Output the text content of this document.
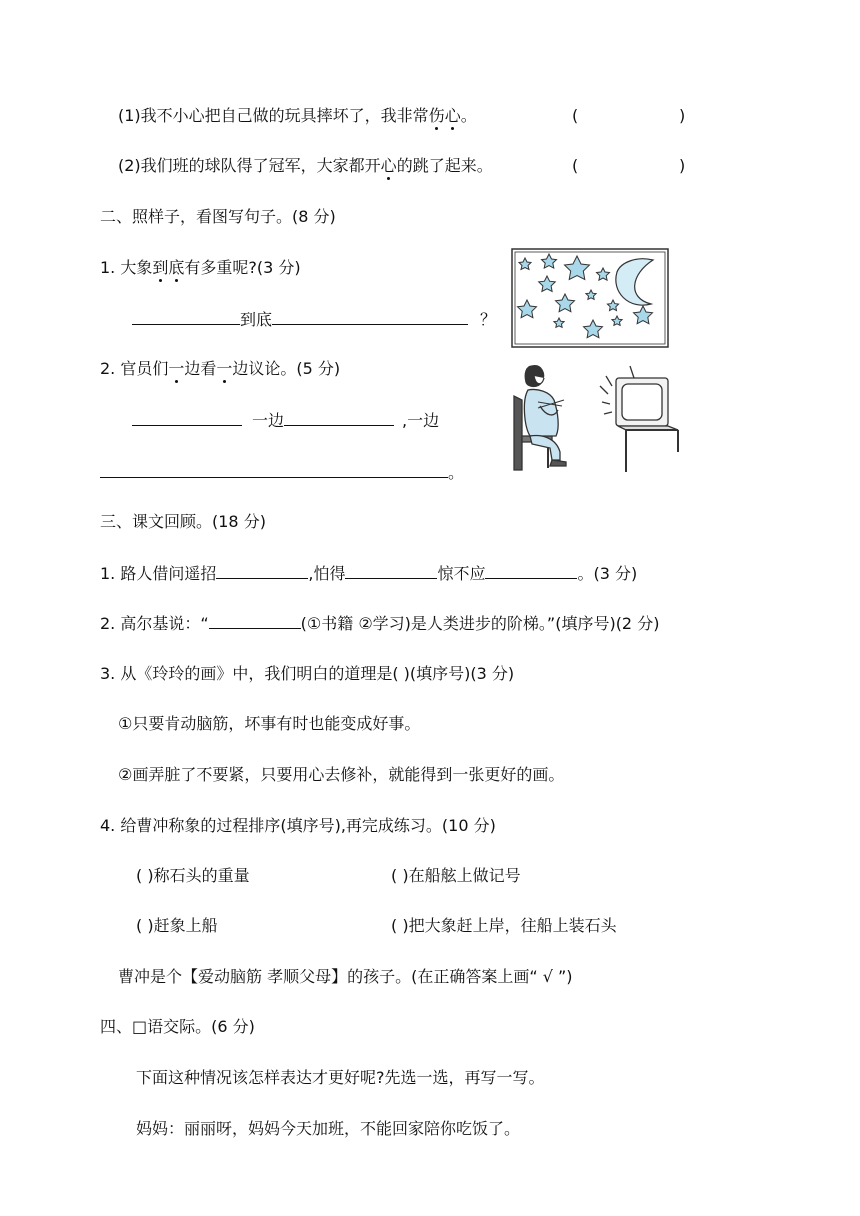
(1)我不小心把自己做的玩具摔坏了，我非常伤心。	(	)
(2)我们班的球队得了冠军，大家都开心的跳了起来。	(	)
二、照样子，看图写句子。(8 分)
1. 大象到底有多重呢?(3 分)
到底	？
2. 官员们一边看一边议论。(5 分)
一边	,一边
。
三、课文回顾。(18 分)
1. 路人借问遥招	,怕得	惊不应	。(3 分)
2. 高尔基说：“	(①书籍 ②学习)是人类进步的阶梯。”(填序号)(2 分)
3. 从《玲玲的画》中，我们明白的道理是( )(填序号)(3 分)
①只要肯动脑筋，坏事有时也能变成好事。
②画弄脏了不要紧，只要用心去修补，就能得到一张更好的画。
4. 给曹冲称象的过程排序(填序号),再完成练习。(10 分)
( )称石头的重量	( )在船舷上做记号
( )赶象上船	( )把大象赶上岸，往船上装石头
曹冲是个【爱动脑筋 孝顺父母】的孩子。(在正确答案上画“ √ ”)
四、□语交际。(6 分)
下面这种情况该怎样表达才更好呢?先选一选，再写一写。
妈妈：丽丽呀，妈妈今天加班，不能回家陪你吃饭了。
